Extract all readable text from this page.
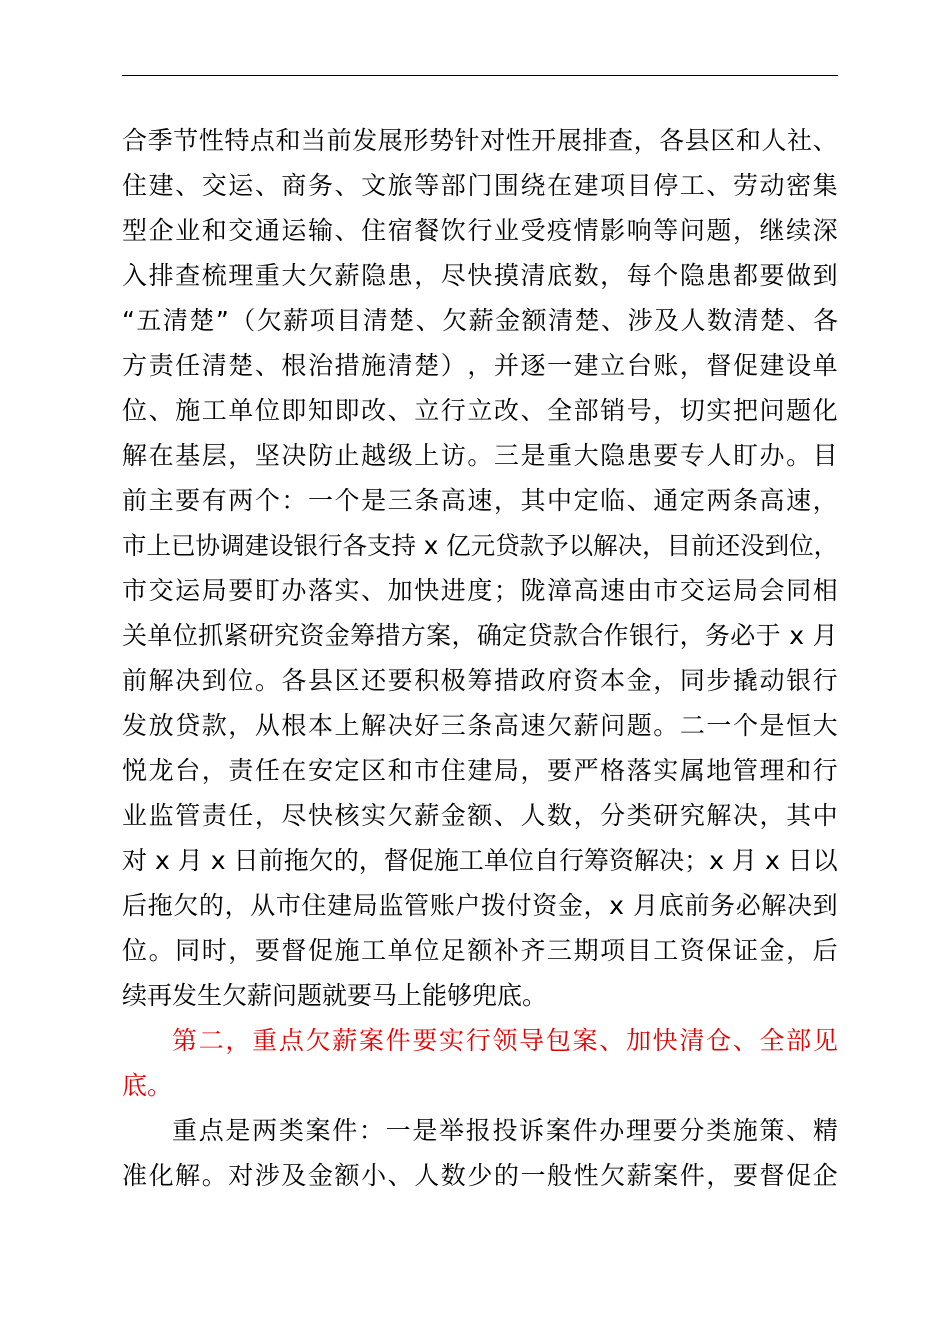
合 季 节 性 特 点 和 当 前 发 展 形 势 针 对 性 开 展 排 查 ， 各 县 区 和 人 社 、
住 建 、 交 运 、 商 务 、 文 旅 等 部 门 围 绕 在 建 项 目 停 工 、 劳 动 密 集
型 企 业 和 交 通 运 输 、 住 宿 餐 饮 行 业 受 疫 情 影 响 等 问 题 ， 继 续 深
入 排 查 梳 理 重 大 欠 薪 隐 患 ， 尽 快 摸 清 底 数 ， 每 个 隐 患 都 要 做 到
“ 五 清 楚 ” （ 欠 薪 项 目 清 楚 、 欠 薪 金 额 清 楚 、 涉 及 人 数 清 楚 、 各
方 责 任 清 楚 、 根 治 措 施 清 楚 ） ， 并 逐 一 建 立 台 账 ， 督 促 建 设 单
位 、 施 工 单 位 即 知 即 改 、 立 行 立 改 、 全 部 销 号 ， 切 实 把 问 题 化
解 在 基 层 ， 坚 决 防 止 越 级 上 访 。 三 是 重 大 隐 患 要 专 人 盯 办 。 目
前 主 要 有 两 个 ： 一 个 是 三 条 高 速 ， 其 中 定 临 、 通 定 两 条 高 速 ，
市 上 已 协 调 建 设 银 行 各 支 持
x
亿 元 贷 款 予 以 解 决 ， 目 前 还 没 到 位 ，
市 交 运 局 要 盯 办 落 实 、 加 快 进 度 ； 陇 漳 高 速 由 市 交 运 局 会 同 相
关 单 位 抓 紧 研 究 资 金 筹 措 方 案 ， 确 定 贷 款 合 作 银 行 ， 务 必 于
x
月
前 解 决 到 位 。 各 县 区 还 要 积 极 筹 措 政 府 资 本 金 ， 同 步 撬 动 银 行
发 放 贷 款 ， 从 根 本 上 解 决 好 三 条 高 速 欠 薪 问 题 。 二 一 个 是 恒 大
悦 龙 台 ， 责 任 在 安 定 区 和 市 住 建 局 ， 要 严 格 落 实 属 地 管 理 和 行
业 监 管 责 任 ， 尽 快 核 实 欠 薪 金 额 、 人 数 ， 分 类 研 究 解 决 ， 其 中
对
x
月
x
日 前 拖 欠 的 ， 督 促 施 工 单 位 自 行 筹 资 解 决 ； x
月
x
日 以
后 拖 欠 的 ， 从 市 住 建 局 监 管 账 户 拨 付 资 金 ， x
月 底 前 务 必 解 决 到
位 。 同 时 ， 要 督 促 施 工 单 位 足 额 补 齐 三 期 项 目 工 资 保 证 金 ， 后
续再发生欠薪问题就要马上能够兜底。
第 二 ， 重 点 欠 薪 案 件 要 实 行 领 导 包 案 、 加 快 清 仓 、 全 部 见
底。
重 点 是 两 类 案 件 ： 一 是 举 报 投 诉 案 件 办 理 要 分 类 施 策 、 精
准 化 解 。 对 涉 及 金 额 小 、 人 数 少 的 一 般 性 欠 薪 案 件 ， 要 督 促 企
